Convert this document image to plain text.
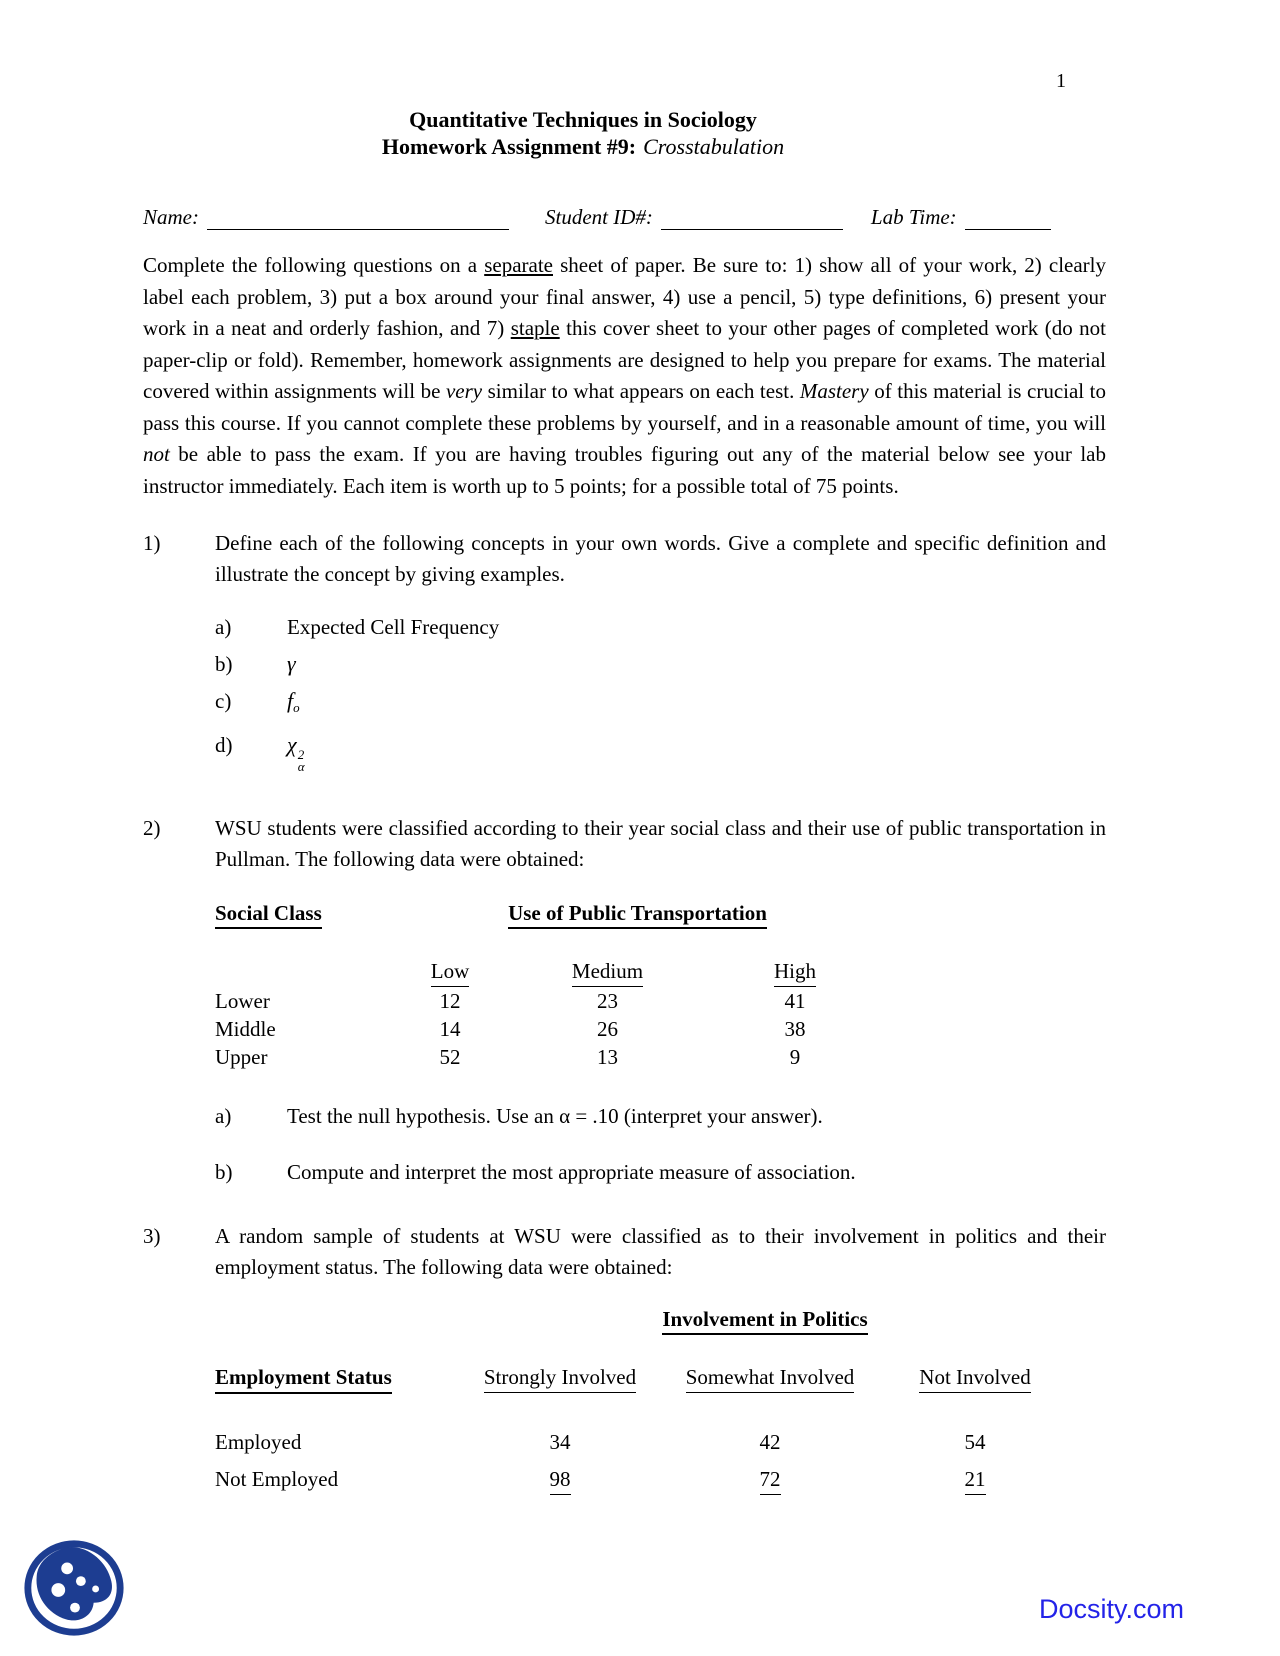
1
Quantitative Techniques in Sociology
Homework Assignment #9: Crosstabulation
Name:	Student ID#:	Lab Time:

Complete the following questions on a separate sheet of paper. Be sure to: 1) show all of your work, 2) clearly label each problem, 3) put a box around your final answer, 4) use a pencil, 5) type definitions, 6) present your work in a neat and orderly fashion, and 7) staple this cover sheet to your other pages of completed work (do not paper-clip or fold). Remember, homework assignments are designed to help you prepare for exams. The material covered within assignments will be very similar to what appears on each test. Mastery of this material is crucial to pass this course. If you cannot complete these problems by yourself, and in a reasonable amount of time, you will not be able to pass the exam. If you are having troubles figuring out any of the material below see your lab instructor immediately. Each item is worth up to 5 points; for a possible total of 75 points.

1)	Define each of the following concepts in your own words. Give a complete and specific definition and illustrate the concept by giving examples.
a)	Expected Cell Frequency
b)	γ
c)	fo
d)	χ 2
α
2)	WSU students were classified according to their year social class and their use of public transportation in Pullman. The following data were obtained:
Social Class	Use of Public Transportation
Low	Medium	High
Lower	12	23	41
Middle	14	26	38
Upper	52	13	9
a)	Test the null hypothesis. Use an α = .10 (interpret your answer).
b)	Compute and interpret the most appropriate measure of association.
3)	A random sample of students at WSU were classified as to their involvement in politics and their employment status. The following data were obtained:
Involvement in Politics
Employment Status	Strongly Involved	Somewhat Involved	Not Involved
Employed	34	42	54
Not Employed	98	72	21
Docsity.com
